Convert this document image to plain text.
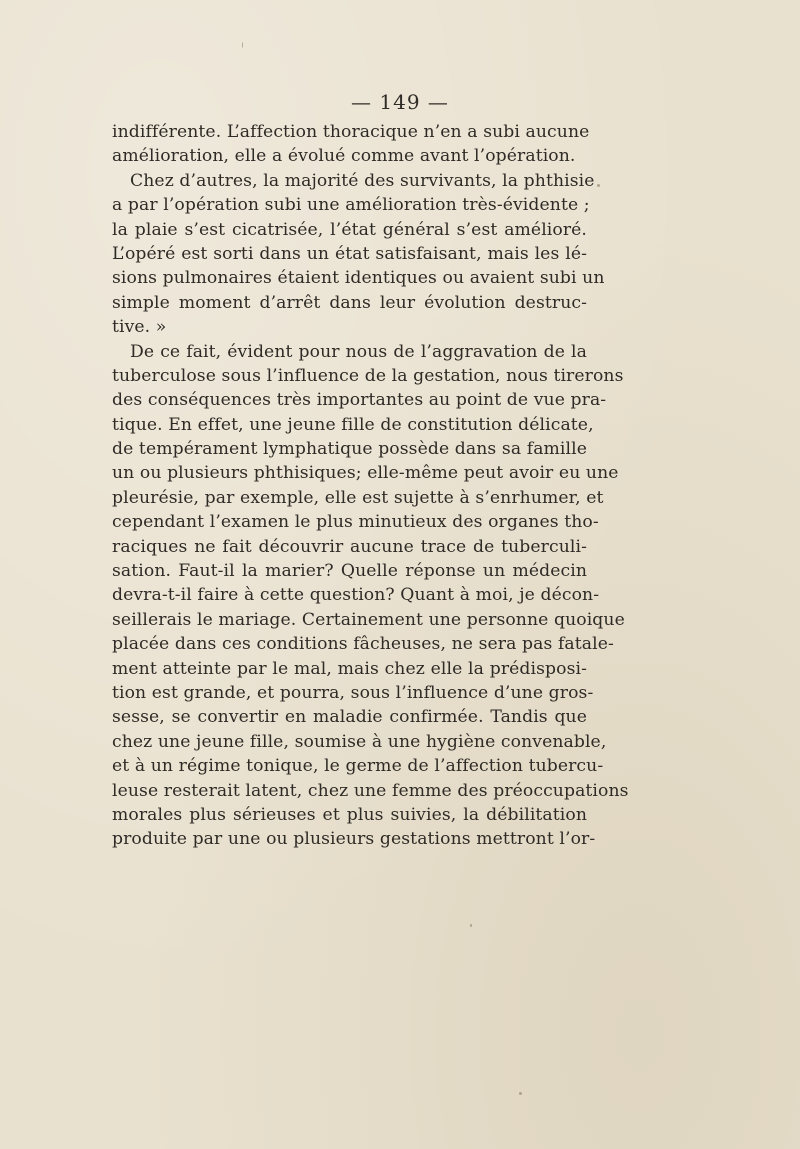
— 149 —
indifférente. L’affection thoracique n’en a subi aucune
amélioration, elle a évolué comme avant l’opération.
Chez d’autres, la majorité des survivants, la phthisie
a par l’opération subi une amélioration très-évidente ;
la plaie s’est cicatrisée, l’état général s’est amélioré.
L’opéré est sorti dans un état satisfaisant, mais les lé-
sions pulmonaires étaient identiques ou avaient subi un
simple moment d’arrêt dans leur évolution destruc-
tive. »
De ce fait, évident pour nous de l’aggravation de la
tuberculose sous l’influence de la gestation, nous tirerons
des conséquences très importantes au point de vue pra-
tique. En effet, une jeune fille de constitution délicate,
de tempérament lymphatique possède dans sa famille
un ou plusieurs phthisiques; elle-même peut avoir eu une
pleurésie, par exemple, elle est sujette à s’enrhumer, et
cependant l’examen le plus minutieux des organes tho-
raciques ne fait découvrir aucune trace de tuberculi-
sation. Faut-il la marier? Quelle réponse un médecin
devra-t-il faire à cette question? Quant à moi, je décon-
seillerais le mariage. Certainement une personne quoique
placée dans ces conditions fâcheuses, ne sera pas fatale-
ment atteinte par le mal, mais chez elle la prédisposi-
tion est grande, et pourra, sous l’influence d’une gros-
sesse, se convertir en maladie confirmée. Tandis que
chez une jeune fille, soumise à une hygiène convenable,
et à un régime tonique, le germe de l’affection tubercu-
leuse resterait latent, chez une femme des préoccupations
morales plus sérieuses et plus suivies, la débilitation
produite par une ou plusieurs gestations mettront l’or-
